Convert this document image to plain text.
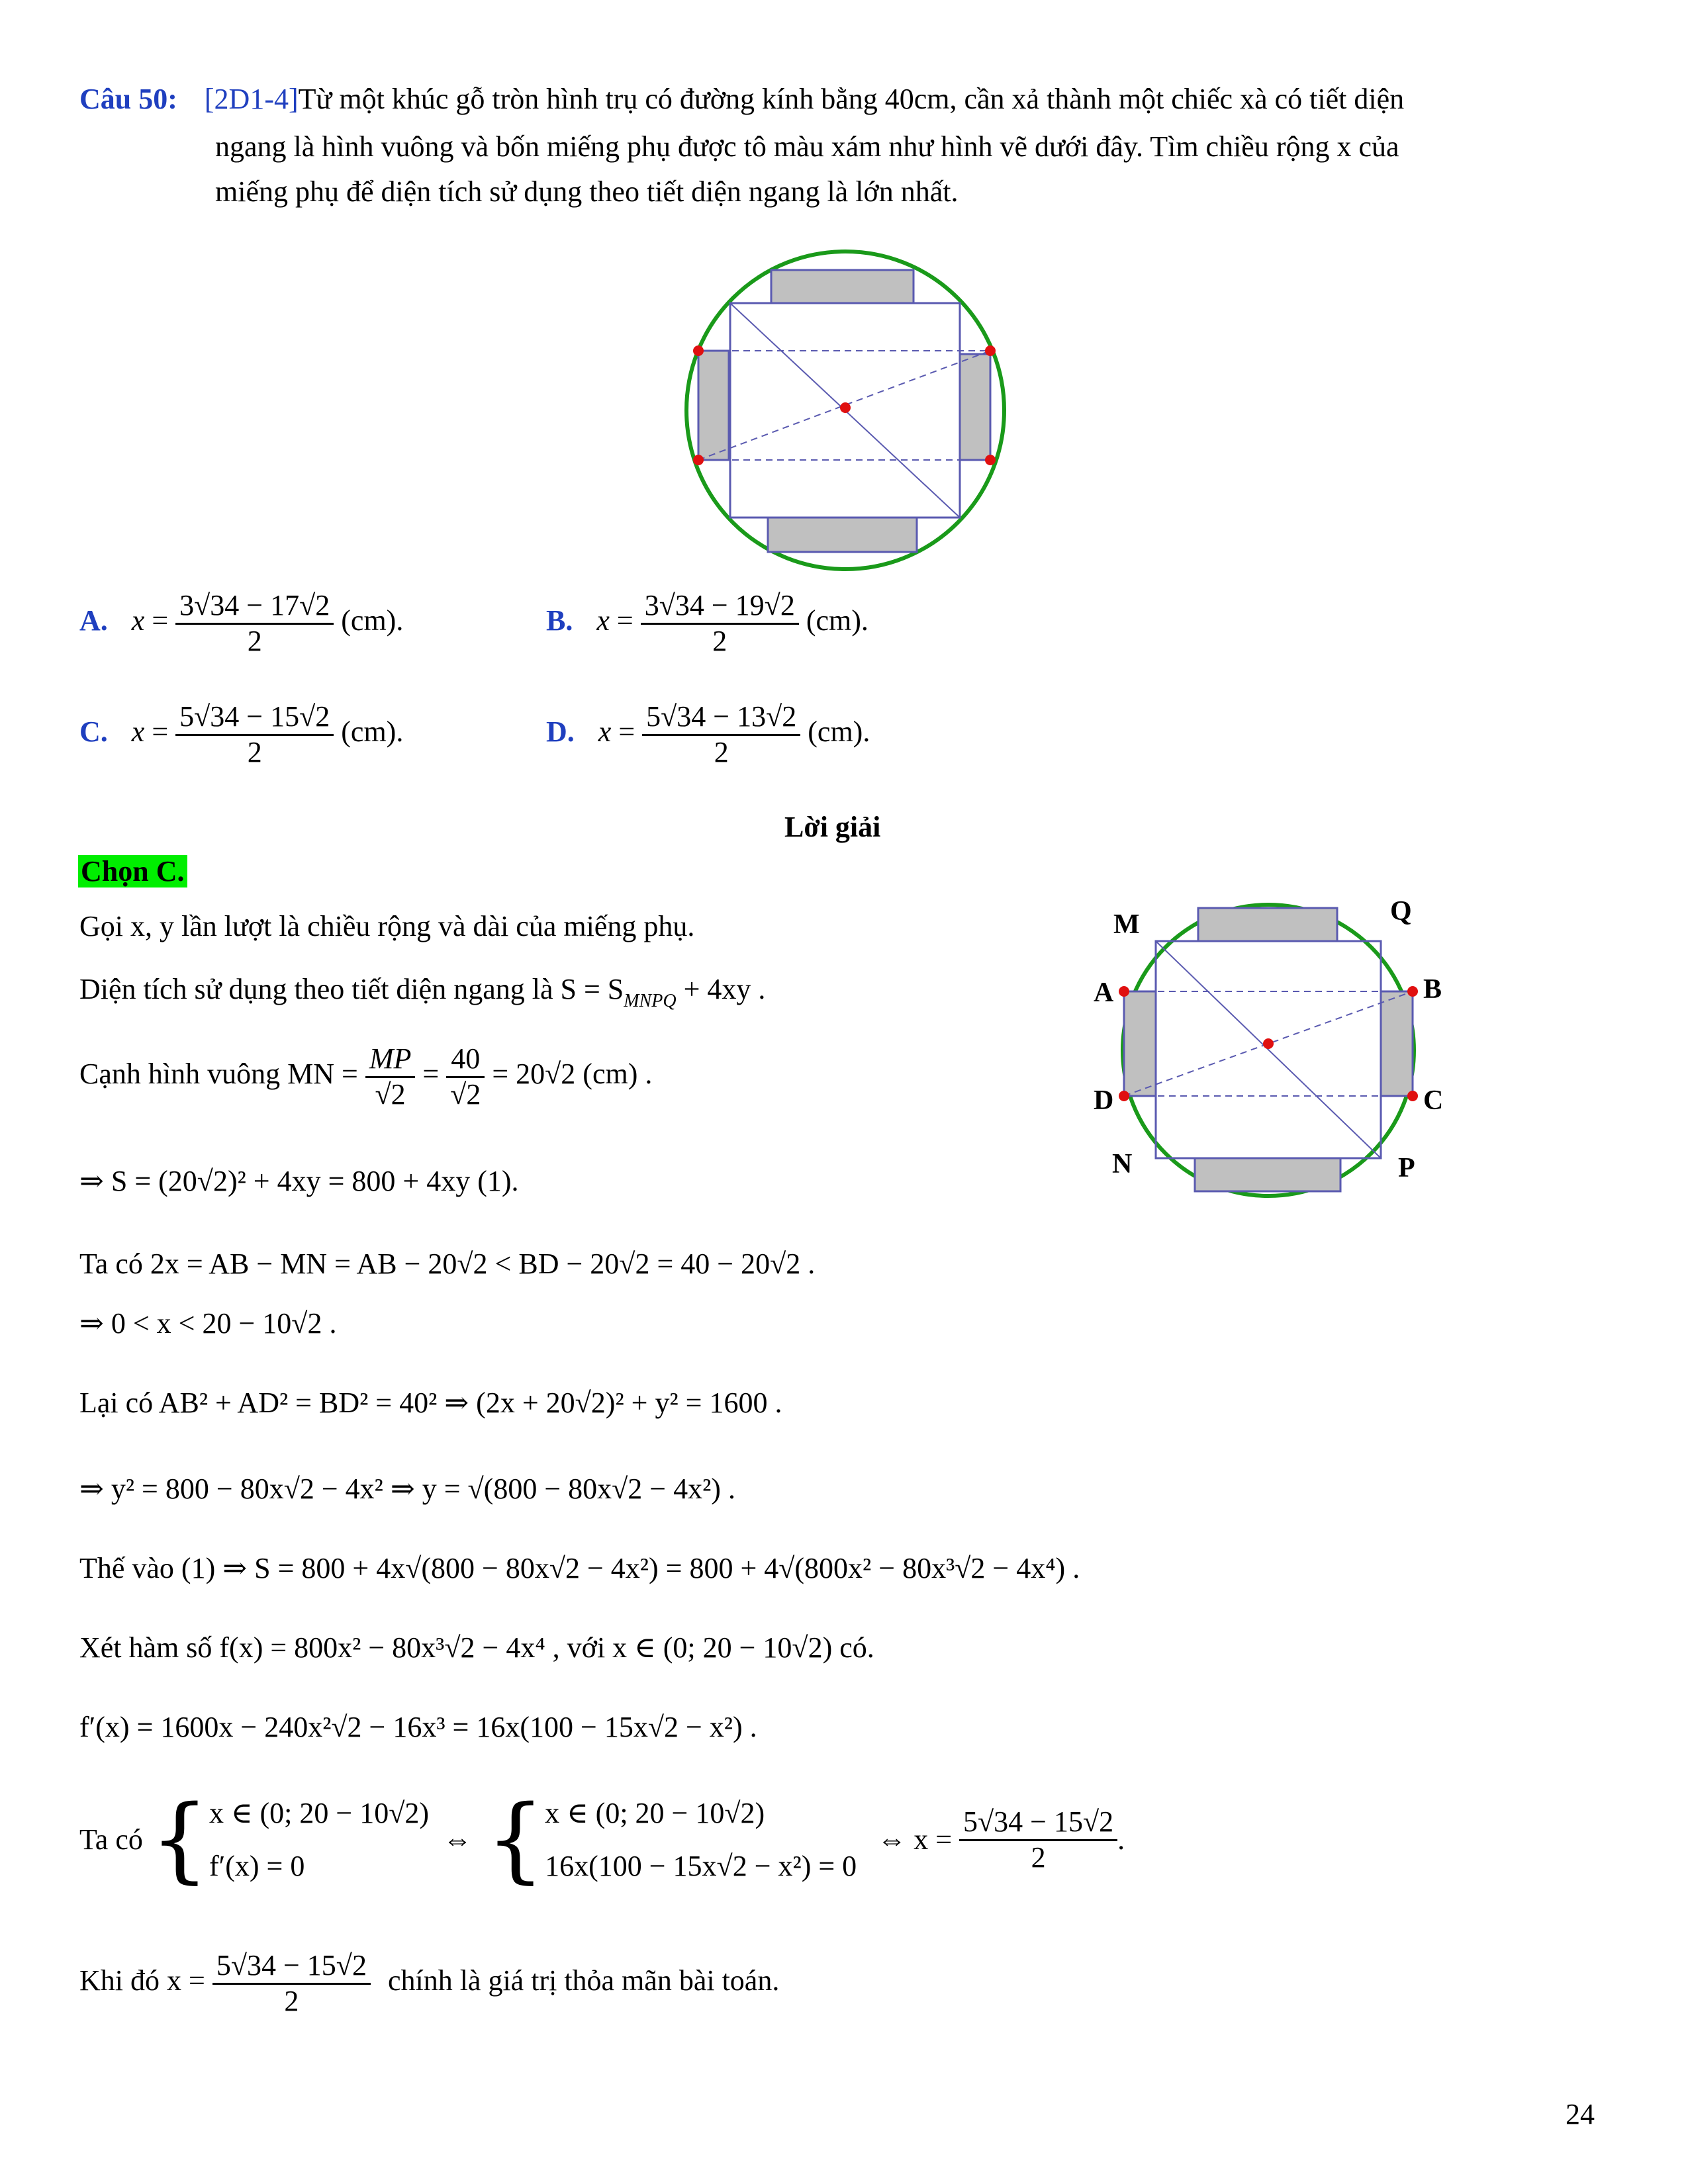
Câu 50: [2D1-4]Từ một khúc gỗ tròn hình trụ có đường kính bằng 40cm, cần xả thành một chiếc xà có tiết diện
ngang là hình vuông và bốn miếng phụ được tô màu xám như hình vẽ dưới đây. Tìm chiều rộng x của
miếng phụ để diện tích sử dụng theo tiết diện ngang là lớn nhất.
A. $x = \frac{3√34 - 17√2}{2} (cm)$.	B. $x = \frac{3√34 - 19√2}{2} (cm)$.
C. $x = \frac{5√34 - 15√2}{2} (cm)$.	D. $x = \frac{5√34 - 13√2}{2} (cm)$.
Lời giải
Chọn C.
Gọi x, y lần lượt là chiều rộng và dài của miếng phụ.
Diện tích sử dụng theo tiết diện ngang là $S = S_{MNPQ} + 4xy$ .
Cạnh hình vuông MN = $\frac{MP}{√2} = \frac{40}{√2} = 20√2$ (cm) .
⇒ S = (20√2)² + 4xy = 800 + 4xy (1).
Ta có 2x = AB − MN = AB − 20√2 < BD − 20√2 = 40 − 20√2 .
⇒ 0 < x < 20 − 10√2 .
Lại có AB² + AD² = BD² = 40² ⇒ (2x + 20√2)² + y² = 1600 .
⇒ y² = 800 − 80x√2 − 4x² ⇒ y = √(800 − 80x√2 − 4x²) .
Thế vào (1) ⇒ S = 800 + 4x√(800 − 80x√2 − 4x²) = 800 + 4√(800x² − 80x³√2 − 4x⁴) .
Xét hàm số f(x) = 800x² − 80x³√2 − 4x⁴ , với x ∈ (0; 20 − 10√2) có.
f′(x) = 1600x − 240x²√2 − 16x³ = 16x(100 − 15x√2 − x²) .
Ta có { x ∈ (0; 20 − 10√2)
f′(x) = 0
⇔ { x ∈ (0; 20 − 10√2)
16x(100 − 15x√2 − x²) = 0
⇔ $x = \frac{5√34 - 15√2}{2}$ .
Khi đó $x = \frac{5√34 - 15√2}{2}$ chính là giá trị thỏa mãn bài toán.
M	Q
A	B
D	C
N	P
24
